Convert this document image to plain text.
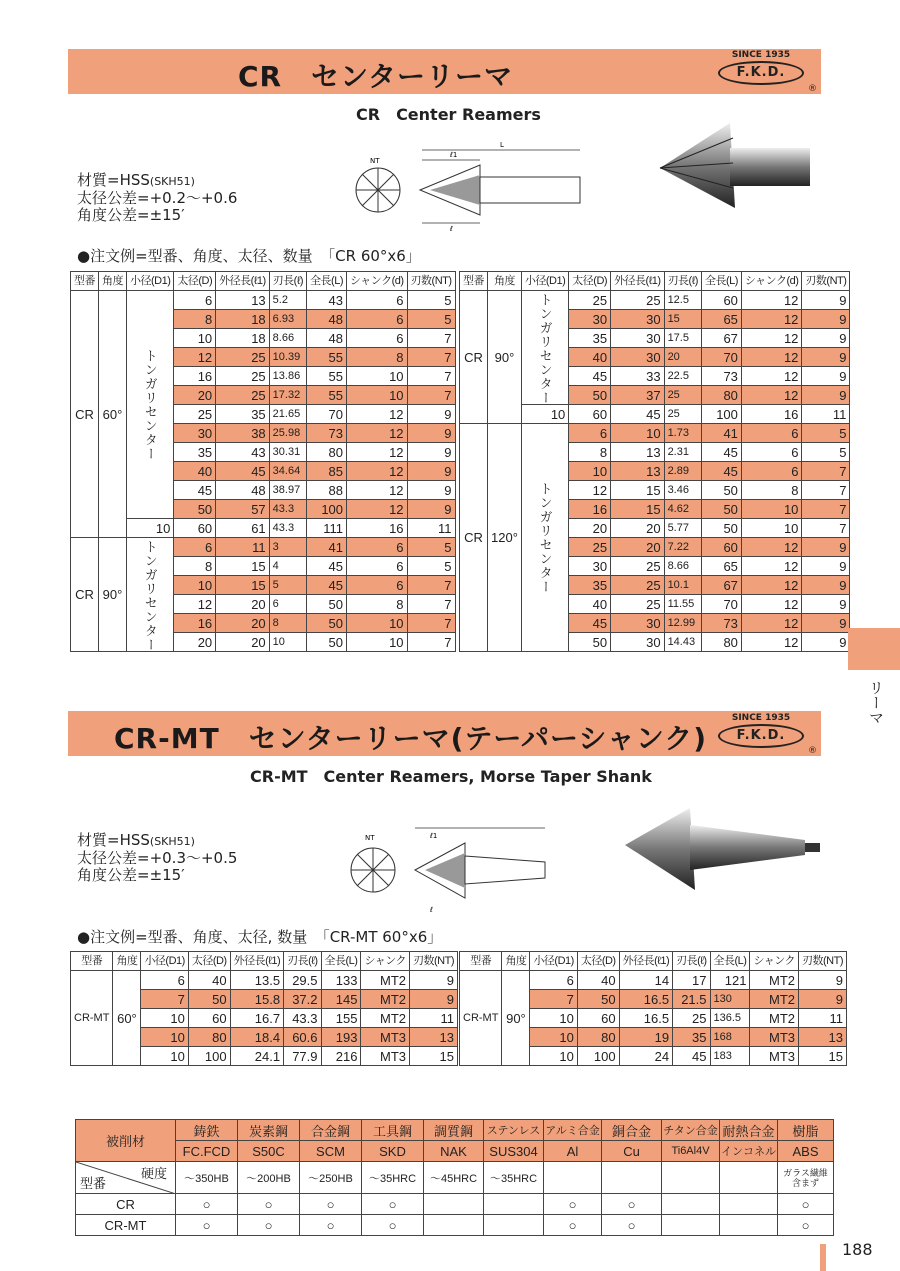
CR　センターリーマ
SINCE 1935
F.K.D.
®
CR　Center Reamers
材質=HSS(SKH51)
太径公差=+0.2～+0.6
角度公差=±15′
NT
L
ℓ1
ℓ
●注文例=型番、角度、太径、数量　「CR 60°x6」
型番	角度	小径(D1)	太径(D)	外径長(ℓ1)	刃長(ℓ)	全長(L)	シャンク(d)	刃数(NT)
CR	60°	トンガリセンター	6	13	5.2	43	6	5
			8	18	6.93	48	6	5
			10	18	8.66	48	6	7
			12	25	10.39	55	8	7
			16	25	13.86	55	10	7
			20	25	17.32	55	10	7
			25	35	21.65	70	12	9
			30	38	25.98	73	12	9
			35	43	30.31	80	12	9
			40	45	34.64	85	12	9
			45	48	38.97	88	12	9
			50	57	43.3	100	12	9
		10	60	61	43.3	111	16	11
CR	90°	トンガリセンター	6	11	3	41	6	5
			8	15	4	45	6	5
			10	15	5	45	6	7
			12	20	6	50	8	7
			16	20	8	50	10	7
			20	20	10	50	10	7
型番	角度	小径(D1)	太径(D)	外径長(ℓ1)	刃長(ℓ)	全長(L)	シャンク(d)	刃数(NT)
CR	90°	トンガリセンター	25	25	12.5	60	12	9
			30	30	15	65	12	9
			35	30	17.5	67	12	9
			40	30	20	70	12	9
			45	33	22.5	73	12	9
			50	37	25	80	12	9
		10	60	45	25	100	16	11
CR	120°	トンガリセンター	6	10	1.73	41	6	5
			8	13	2.31	45	6	5
			10	13	2.89	45	6	7
			12	15	3.46	50	8	7
			16	15	4.62	50	10	7
			20	20	5.77	50	10	7
			25	20	7.22	60	12	9
			30	25	8.66	65	12	9
			35	25	10.1	67	12	9
			40	25	11.55	70	12	9
			45	30	12.99	73	12	9
			50	30	14.43	80	12	9
リーマ
CR-MT　センターリーマ(テーパーシャンク)
SINCE 1935
F.K.D.
®
CR-MT　Center Reamers, Morse Taper Shank
材質=HSS(SKH51)
太径公差=+0.3～+0.5
角度公差=±15′
NT	ℓ1
ℓ
●注文例=型番、角度、太径, 数量　「CR-MT 60°x6」
型番	角度	小径(D1)	太径(D)	外径長(ℓ1)	刃長(ℓ)	全長(L)	シャンク	刃数(NT)
CR-MT	60°	6	40	13.5	29.5	133	MT2	9
		7	50	15.8	37.2	145	MT2	9
		10	60	16.7	43.3	155	MT2	11
		10	80	18.4	60.6	193	MT3	13
		10	100	24.1	77.9	216	MT3	15
型番	角度	小径(D1)	太径(D)	外径長(ℓ1)	刃長(ℓ)	全長(L)	シャンク	刃数(NT)
CR-MT	90°	6	40	14	17	121	MT2	9
		7	50	16.5	21.5	130	MT2	9
		10	60	16.5	25	136.5	MT2	11
		10	80	19	35	168	MT3	13
		10	100	24	45	183	MT3	15
被削材	鋳鉄	炭素鋼	合金鋼	工具鋼	調質鋼	ステンレス	アルミ合金	銅合金	チタン合金	耐熱合金	樹脂
	FC.FCD	S50C	SCM	SKD	NAK	SUS304	Al	Cu	Ti6Al4V	インコネル	ABS

硬度
型番	～350HB	～200HB	～250HB	～35HRC	～45HRC	～35HRC					ガラス繊維含まず
CR	○	○	○	○			○	○			○
CR-MT	○	○	○	○			○	○			○
188
